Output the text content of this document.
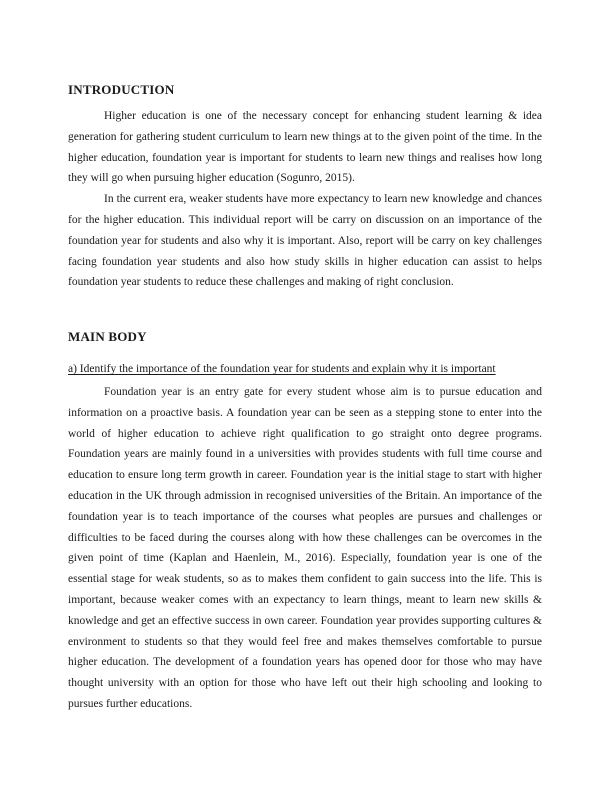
INTRODUCTION

Higher education is one of the necessary concept for enhancing student learning & idea generation for gathering student curriculum to learn new things at to the given point of the time. In the higher education, foundation year is important for students to learn new things and realises how long they will go when pursuing higher education (Sogunro, 2015).

In the current era, weaker students have more expectancy to learn new knowledge and chances for the higher education. This individual report will be carry on discussion on an importance of the foundation year for students and also why it is important. Also, report will be carry on key challenges facing foundation year students and also how study skills in higher education can assist to helps foundation year students to reduce these challenges and making of right conclusion.

MAIN BODY
a) Identify the importance of the foundation year for students and explain why it is important

Foundation year is an entry gate for every student whose aim is to pursue education and information on a proactive basis. A foundation year can be seen as a stepping stone to enter into the world of higher education to achieve right qualification to go straight onto degree programs. Foundation years are mainly found in a universities with provides students with full time course and education to ensure long term growth in career. Foundation year is the initial stage to start with higher education in the UK through admission in recognised universities of the Britain. An importance of the foundation year is to teach importance of the courses what peoples are pursues and challenges or difficulties to be faced during the courses along with how these challenges can be overcomes in the given point of time (Kaplan and Haenlein, M., 2016). Especially, foundation year is one of the essential stage for weak students, so as to makes them confident to gain success into the life. This is important, because weaker comes with an expectancy to learn things, meant to learn new skills & knowledge and get an effective success in own career. Foundation year provides supporting cultures & environment to students so that they would feel free and makes themselves comfortable to pursue higher education. The development of a foundation years has opened door for those who may have thought university with an option for those who have left out their high schooling and looking to pursues further educations.
